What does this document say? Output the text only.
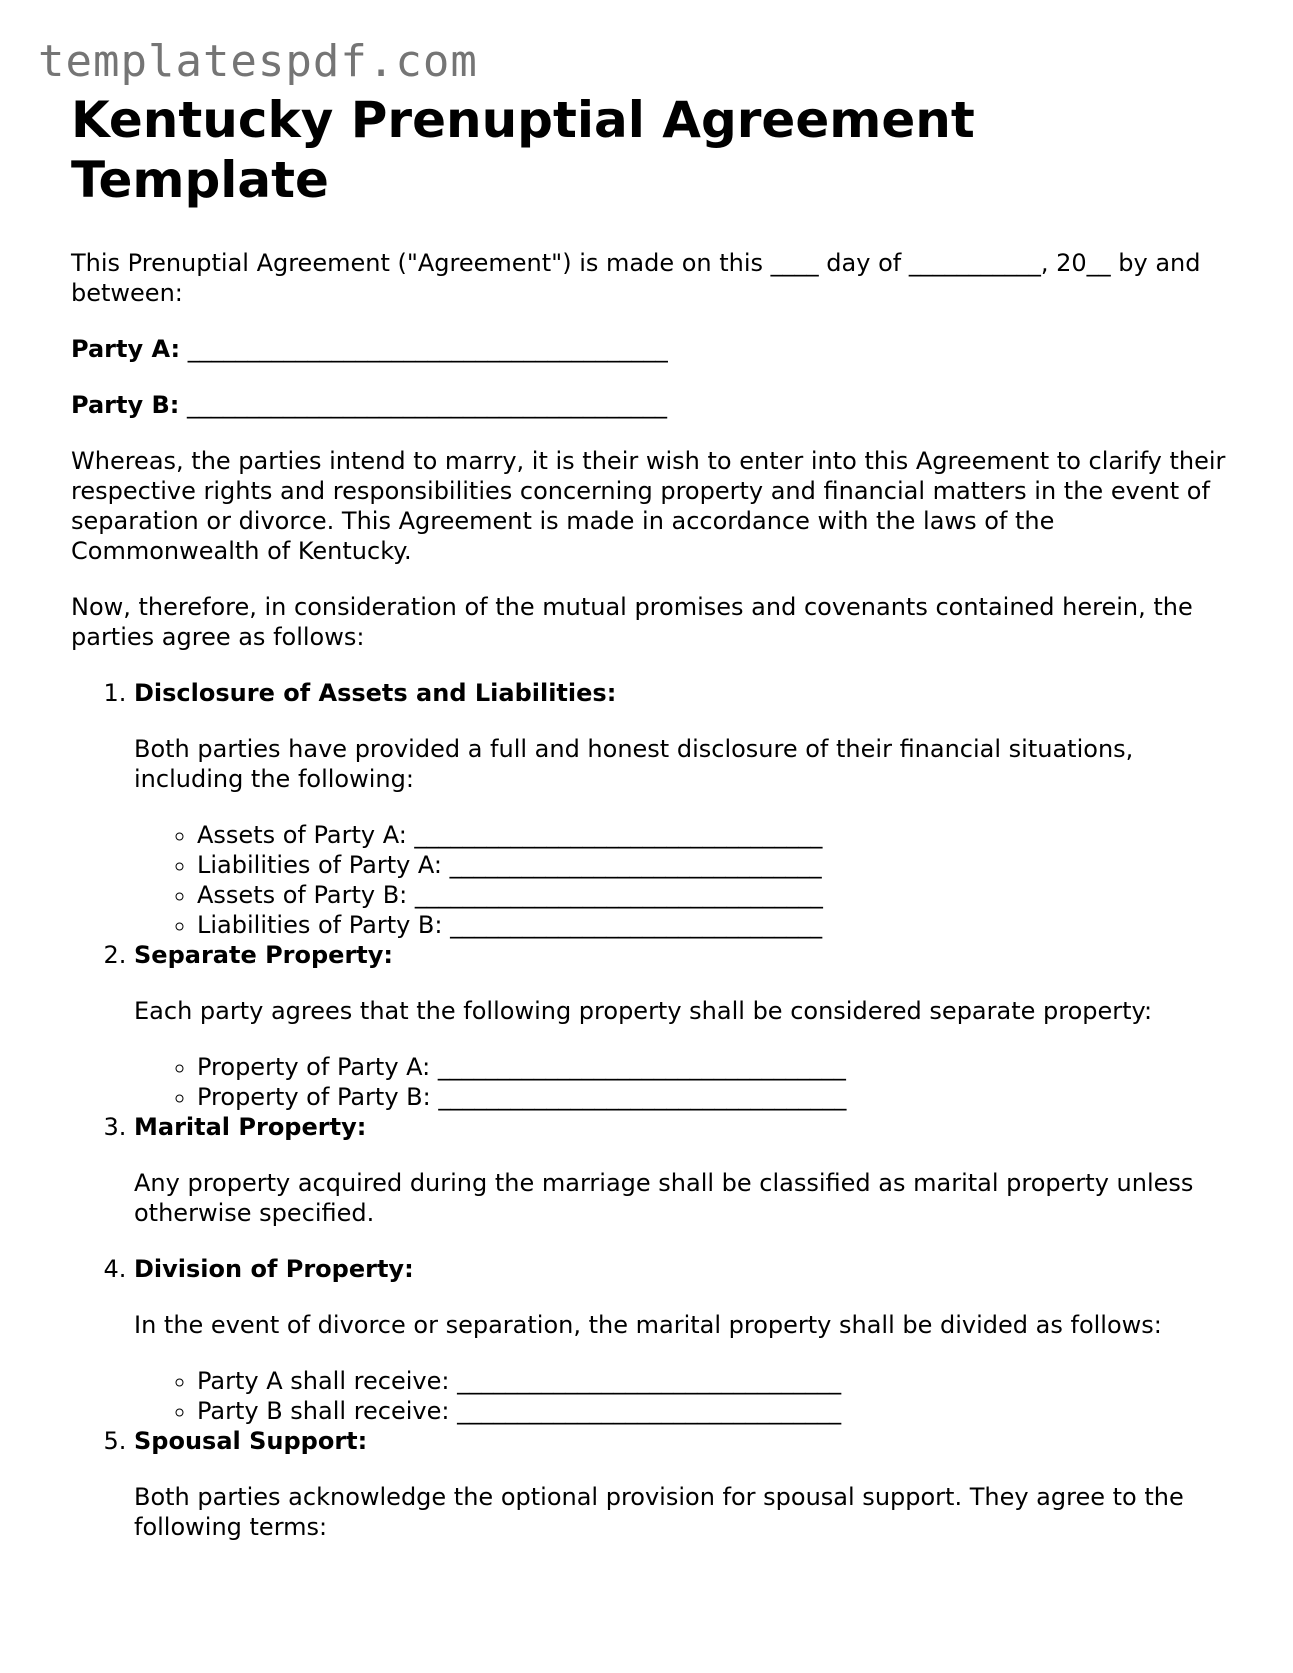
templatespdf.com
Kentucky Prenuptial Agreement Template

This Prenuptial Agreement ("Agreement") is made on this ____ day of ___________, 20__ by and between:

Party A: ________________________________________

Party B: ________________________________________

Whereas, the parties intend to marry, it is their wish to enter into this Agreement to clarify their respective rights and responsibilities concerning property and financial matters in the event of separation or divorce. This Agreement is made in accordance with the laws of the Commonwealth of Kentucky.

Now, therefore, in consideration of the mutual promises and covenants contained herein, the parties agree as follows:

1. Disclosure of Assets and Liabilities:

Both parties have provided a full and honest disclosure of their financial situations, including the following:

◦ Assets of Party A: __________________________________
◦ Liabilities of Party A: _______________________________
◦ Assets of Party B: __________________________________
◦ Liabilities of Party B: _______________________________
2. Separate Property:

Each party agrees that the following property shall be considered separate property:

◦ Property of Party A: __________________________________
◦ Property of Party B: __________________________________
3. Marital Property:

Any property acquired during the marriage shall be classified as marital property unless otherwise specified.

4. Division of Property:

In the event of divorce or separation, the marital property shall be divided as follows:

◦ Party A shall receive: ________________________________
◦ Party B shall receive: ________________________________
5. Spousal Support:

Both parties acknowledge the optional provision for spousal support. They agree to the following terms:
